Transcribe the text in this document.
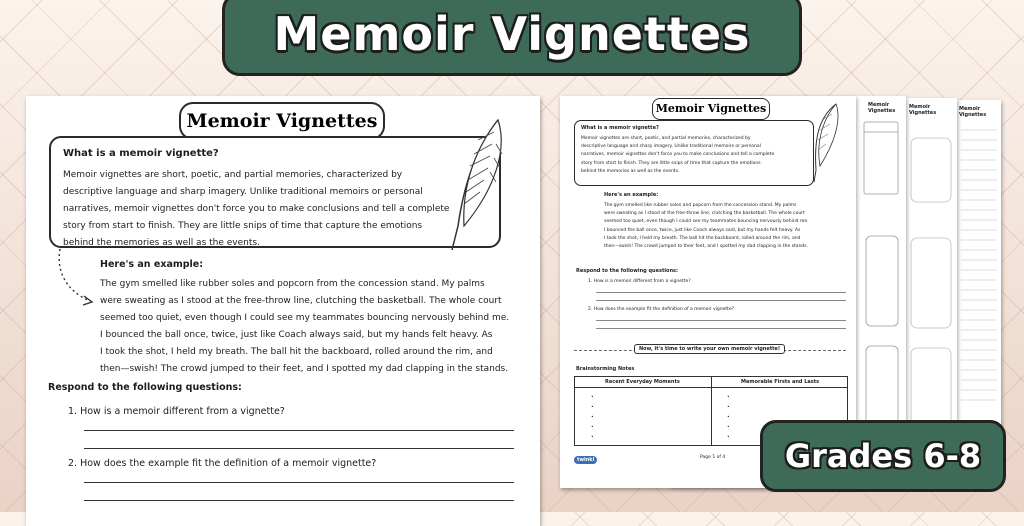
Memoir Vignettes
Memoir Vignettes
Memoir Vignettes
Memoir Vignettes
Memoir Vignettes
What is a memoir vignette?
Memoir vignettes are short, poetic, and partial memories, characterized by
descriptive language and sharp imagery. Unlike traditional memoirs or personal
narratives, memoir vignettes don't force you to make conclusions and tell a complete
story from start to finish. They are little snips of time that capture the emotions
behind the memories as well as the events.
Here's an example:
The gym smelled like rubber soles and popcorn from the concession stand. My palms
were sweating as I stood at the free-throw line, clutching the basketball. The whole court
seemed too quiet, even though I could see my teammates bouncing nervously behind me.
I bounced the ball once, twice, just like Coach always said, but my hands felt heavy. As
I took the shot, I held my breath. The ball hit the backboard, rolled around the rim, and
then—swish! The crowd jumped to their feet, and I spotted my dad clapping in the stands.
Respond to the following questions:
1. How is a memoir different from a vignette?
2. How does the example fit the definition of a memoir vignette?
Now, it's time to write your own memoir vignette!
Brainstorming Notes
Recent Everyday Moments	Memorable Firsts and Lasts
•
•
•
•
•
•
•
•
•
•
twinkl	Page 1 of 4
Memoir Vignettes
What is a memoir vignette?
Memoir vignettes are short, poetic, and partial memories, characterized by
descriptive language and sharp imagery. Unlike traditional memoirs or personal
narratives, memoir vignettes don't force you to make conclusions and tell a complete
story from start to finish. They are little snips of time that capture the emotions
behind the memories as well as the events.
Here's an example:
The gym smelled like rubber soles and popcorn from the concession stand. My palms
were sweating as I stood at the free-throw line, clutching the basketball. The whole court
seemed too quiet, even though I could see my teammates bouncing nervously behind me.
I bounced the ball once, twice, just like Coach always said, but my hands felt heavy. As
I took the shot, I held my breath. The ball hit the backboard, rolled around the rim, and
then—swish! The crowd jumped to their feet, and I spotted my dad clapping in the stands.
Respond to the following questions:
1. How is a memoir different from a vignette?
2. How does the example fit the definition of a memoir vignette?	Grades 6-8
